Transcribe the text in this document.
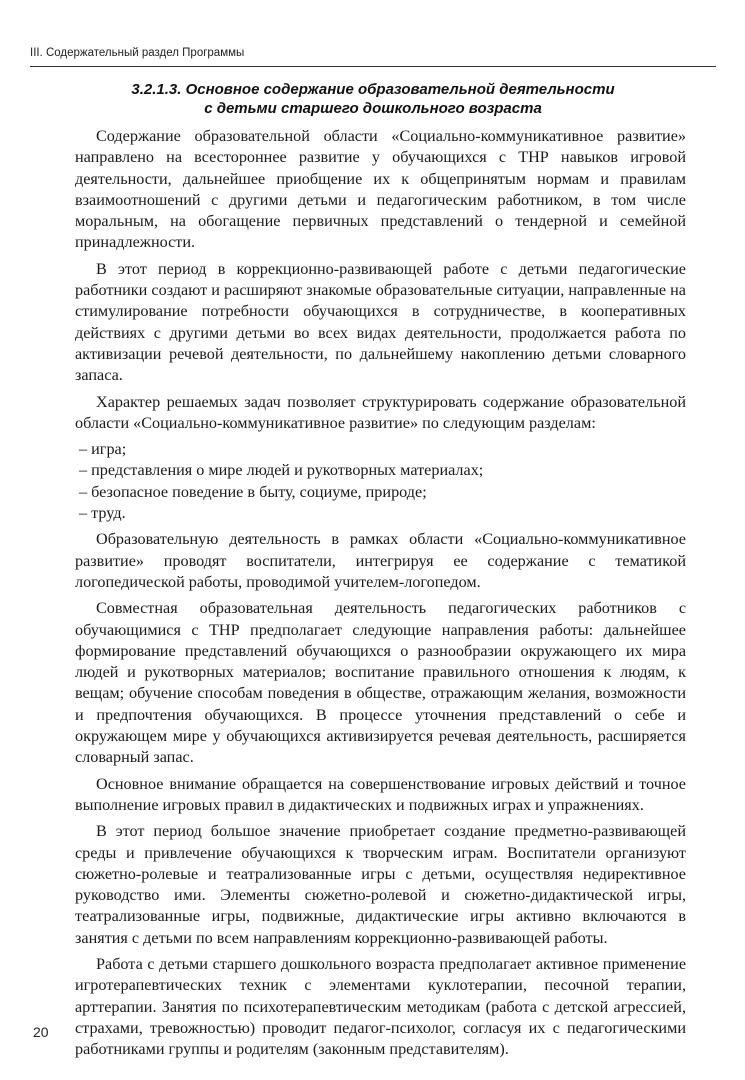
III. Содержательный раздел Программы
3.2.1.3. Основное содержание образовательной деятельности
с детьми старшего дошкольного возраста

Содержание образовательной области «Социально-коммуникативное развитие» направлено на всестороннее развитие у обучающихся с ТНР навыков игровой деятельности, дальнейшее приобщение их к общепринятым нормам и правилам взаимоотношений с другими детьми и педагогическим работником, в том числе моральным, на обогащение первичных представлений о тендерной и семейной принадлежности.

В этот период в коррекционно-развивающей работе с детьми педагогические работники создают и расширяют знакомые образовательные ситуации, направленные на стимулирование потребности обучающихся в сотрудничестве, в кооперативных действиях с другими детьми во всех видах деятельности, продолжается работа по активизации речевой деятельности, по дальнейшему накоплению детьми словарного запаса.

Характер решаемых задач позволяет структурировать содержание образовательной области «Социально-коммуникативное развитие» по следующим разделам:

– игра;
– представления о мире людей и рукотворных материалах;
– безопасное поведение в быту, социуме, природе;
– труд.

Образовательную деятельность в рамках области «Социально-коммуникативное развитие» проводят воспитатели, интегрируя ее содержание с тематикой логопедической работы, проводимой учителем-логопедом.

Совместная образовательная деятельность педагогических работников с обучающимися с ТНР предполагает следующие направления работы: дальнейшее формирование представлений обучающихся о разнообразии окружающего их мира людей и рукотворных материалов; воспитание правильного отношения к людям, к вещам; обучение способам поведения в обществе, отражающим желания, возможности и предпочтения обучающихся. В процессе уточнения представлений о себе и окружающем мире у обучающихся активизируется речевая деятельность, расширяется словарный запас.

Основное внимание обращается на совершенствование игровых действий и точное выполнение игровых правил в дидактических и подвижных играх и упражнениях.

В этот период большое значение приобретает создание предметно-развивающей среды и привлечение обучающихся к творческим играм. Воспитатели организуют сюжетно-ролевые и театрализованные игры с детьми, осуществляя недирективное руководство ими. Элементы сюжетно-ролевой и сюжетно-дидактической игры, театрализованные игры, подвижные, дидактические игры активно включаются в занятия с детьми по всем направлениям коррекционно-развивающей работы.

Работа с детьми старшего дошкольного возраста предполагает активное применение игротерапевтических техник с элементами куклотерапии, песочной терапии, арттерапии. Занятия по психотерапевтическим методикам (работа с детской агрессией, страхами, тревожностью) проводит педагог-психолог, согласуя их с педагогическими работниками группы и родителям (законным представителям).

20
